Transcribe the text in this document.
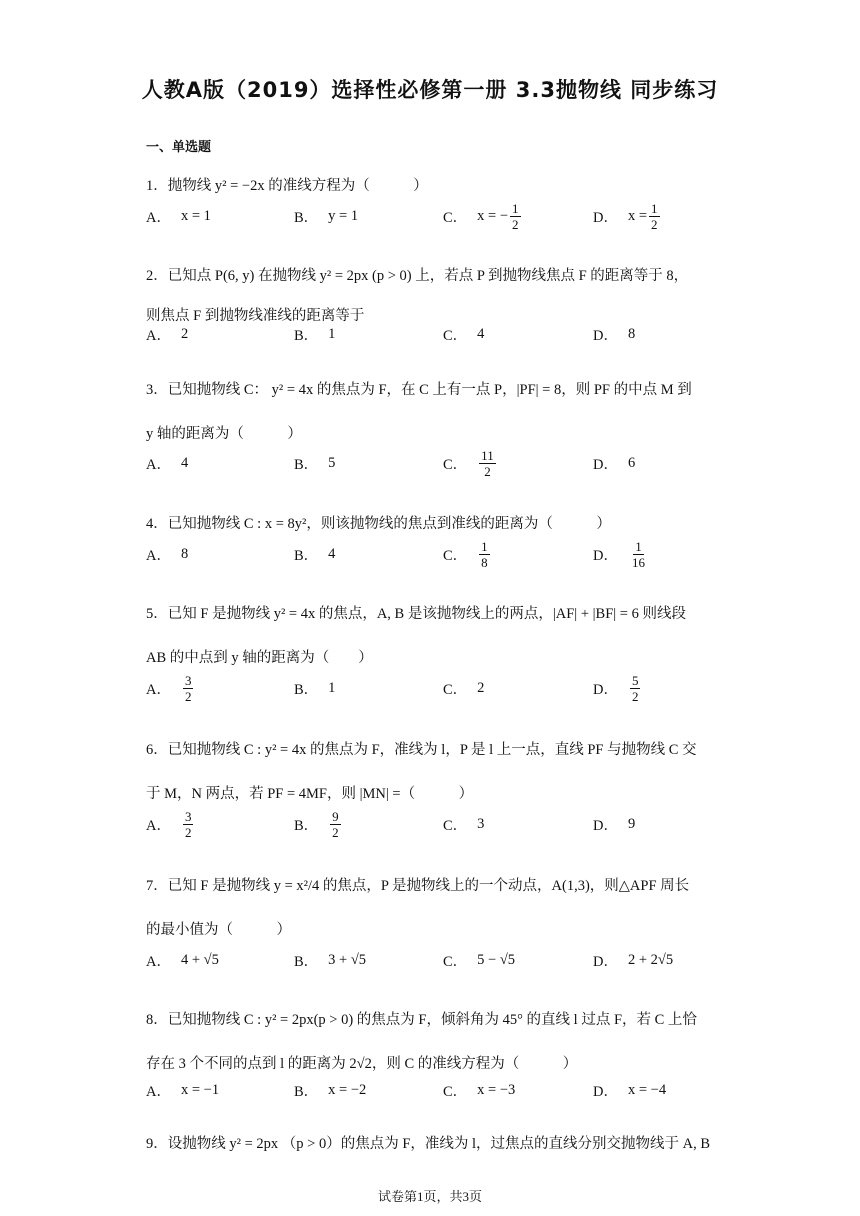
人教A版（2019）选择性必修第一册 3.3抛物线 同步练习
一、单选题
1．抛物线 y² = −2x 的准线方程为（　　　）
A． x = 1	B． y = 1	C． x = − $\frac{1}{2}$	D． $x = \frac{1}{2}$
2．已知点 P(6, y) 在抛物线 y² = 2px (p > 0) 上，若点 P 到抛物线焦点 F 的距离等于 8，
则焦点 F 到抛物线准线的距离等于
A． 2	B． 1	C． 4	D． 8
3．已知抛物线 C： y² = 4x 的焦点为 F，在 C 上有一点 P，|PF| = 8，则 PF 的中点 M 到
y 轴的距离为（　　　）
A． 4	B． 5	C． $\frac{11}{2}$	D． 6
4．已知抛物线 C : x = 8y²，则该抛物线的焦点到准线的距离为（　　　）
A． 8	B． 4	C． $\frac{1}{8}$	D． $\frac{1}{16}$
5．已知 F 是抛物线 y² = 4x 的焦点，A, B 是该抛物线上的两点，|AF| + |BF| = 6 则线段
AB 的中点到 y 轴的距离为（　　）
A． $\frac{3}{2}$	B． 1	C． 2	D． $\frac{5}{2}$
6．已知抛物线 C : y² = 4x 的焦点为 F，准线为 l，P 是 l 上一点，直线 PF 与抛物线 C 交
于 M，N 两点，若 PF = 4MF，则 |MN| =（　　　）
A． $\frac{3}{2}$	B． $\frac{9}{2}$	C． 3	D． 9
7．已知 F 是抛物线 y = x²/4 的焦点，P 是抛物线上的一个动点，A(1,3)，则△APF 周长
的最小值为（　　　）
A． 4 + √5	B． 3 + √5	C． 5 − √5	D． 2 + 2√5
8．已知抛物线 C : y² = 2px(p > 0) 的焦点为 F，倾斜角为 45° 的直线 l 过点 F，若 C 上恰
存在 3 个不同的点到 l 的距离为 2√2，则 C 的准线方程为（　　　）
A． x = −1	B． x = −2	C． x = −3	D． x = −4
9．设抛物线 y² = 2px （p > 0）的焦点为 F，准线为 l，过焦点的直线分别交抛物线于 A, B
试卷第1页，共3页
